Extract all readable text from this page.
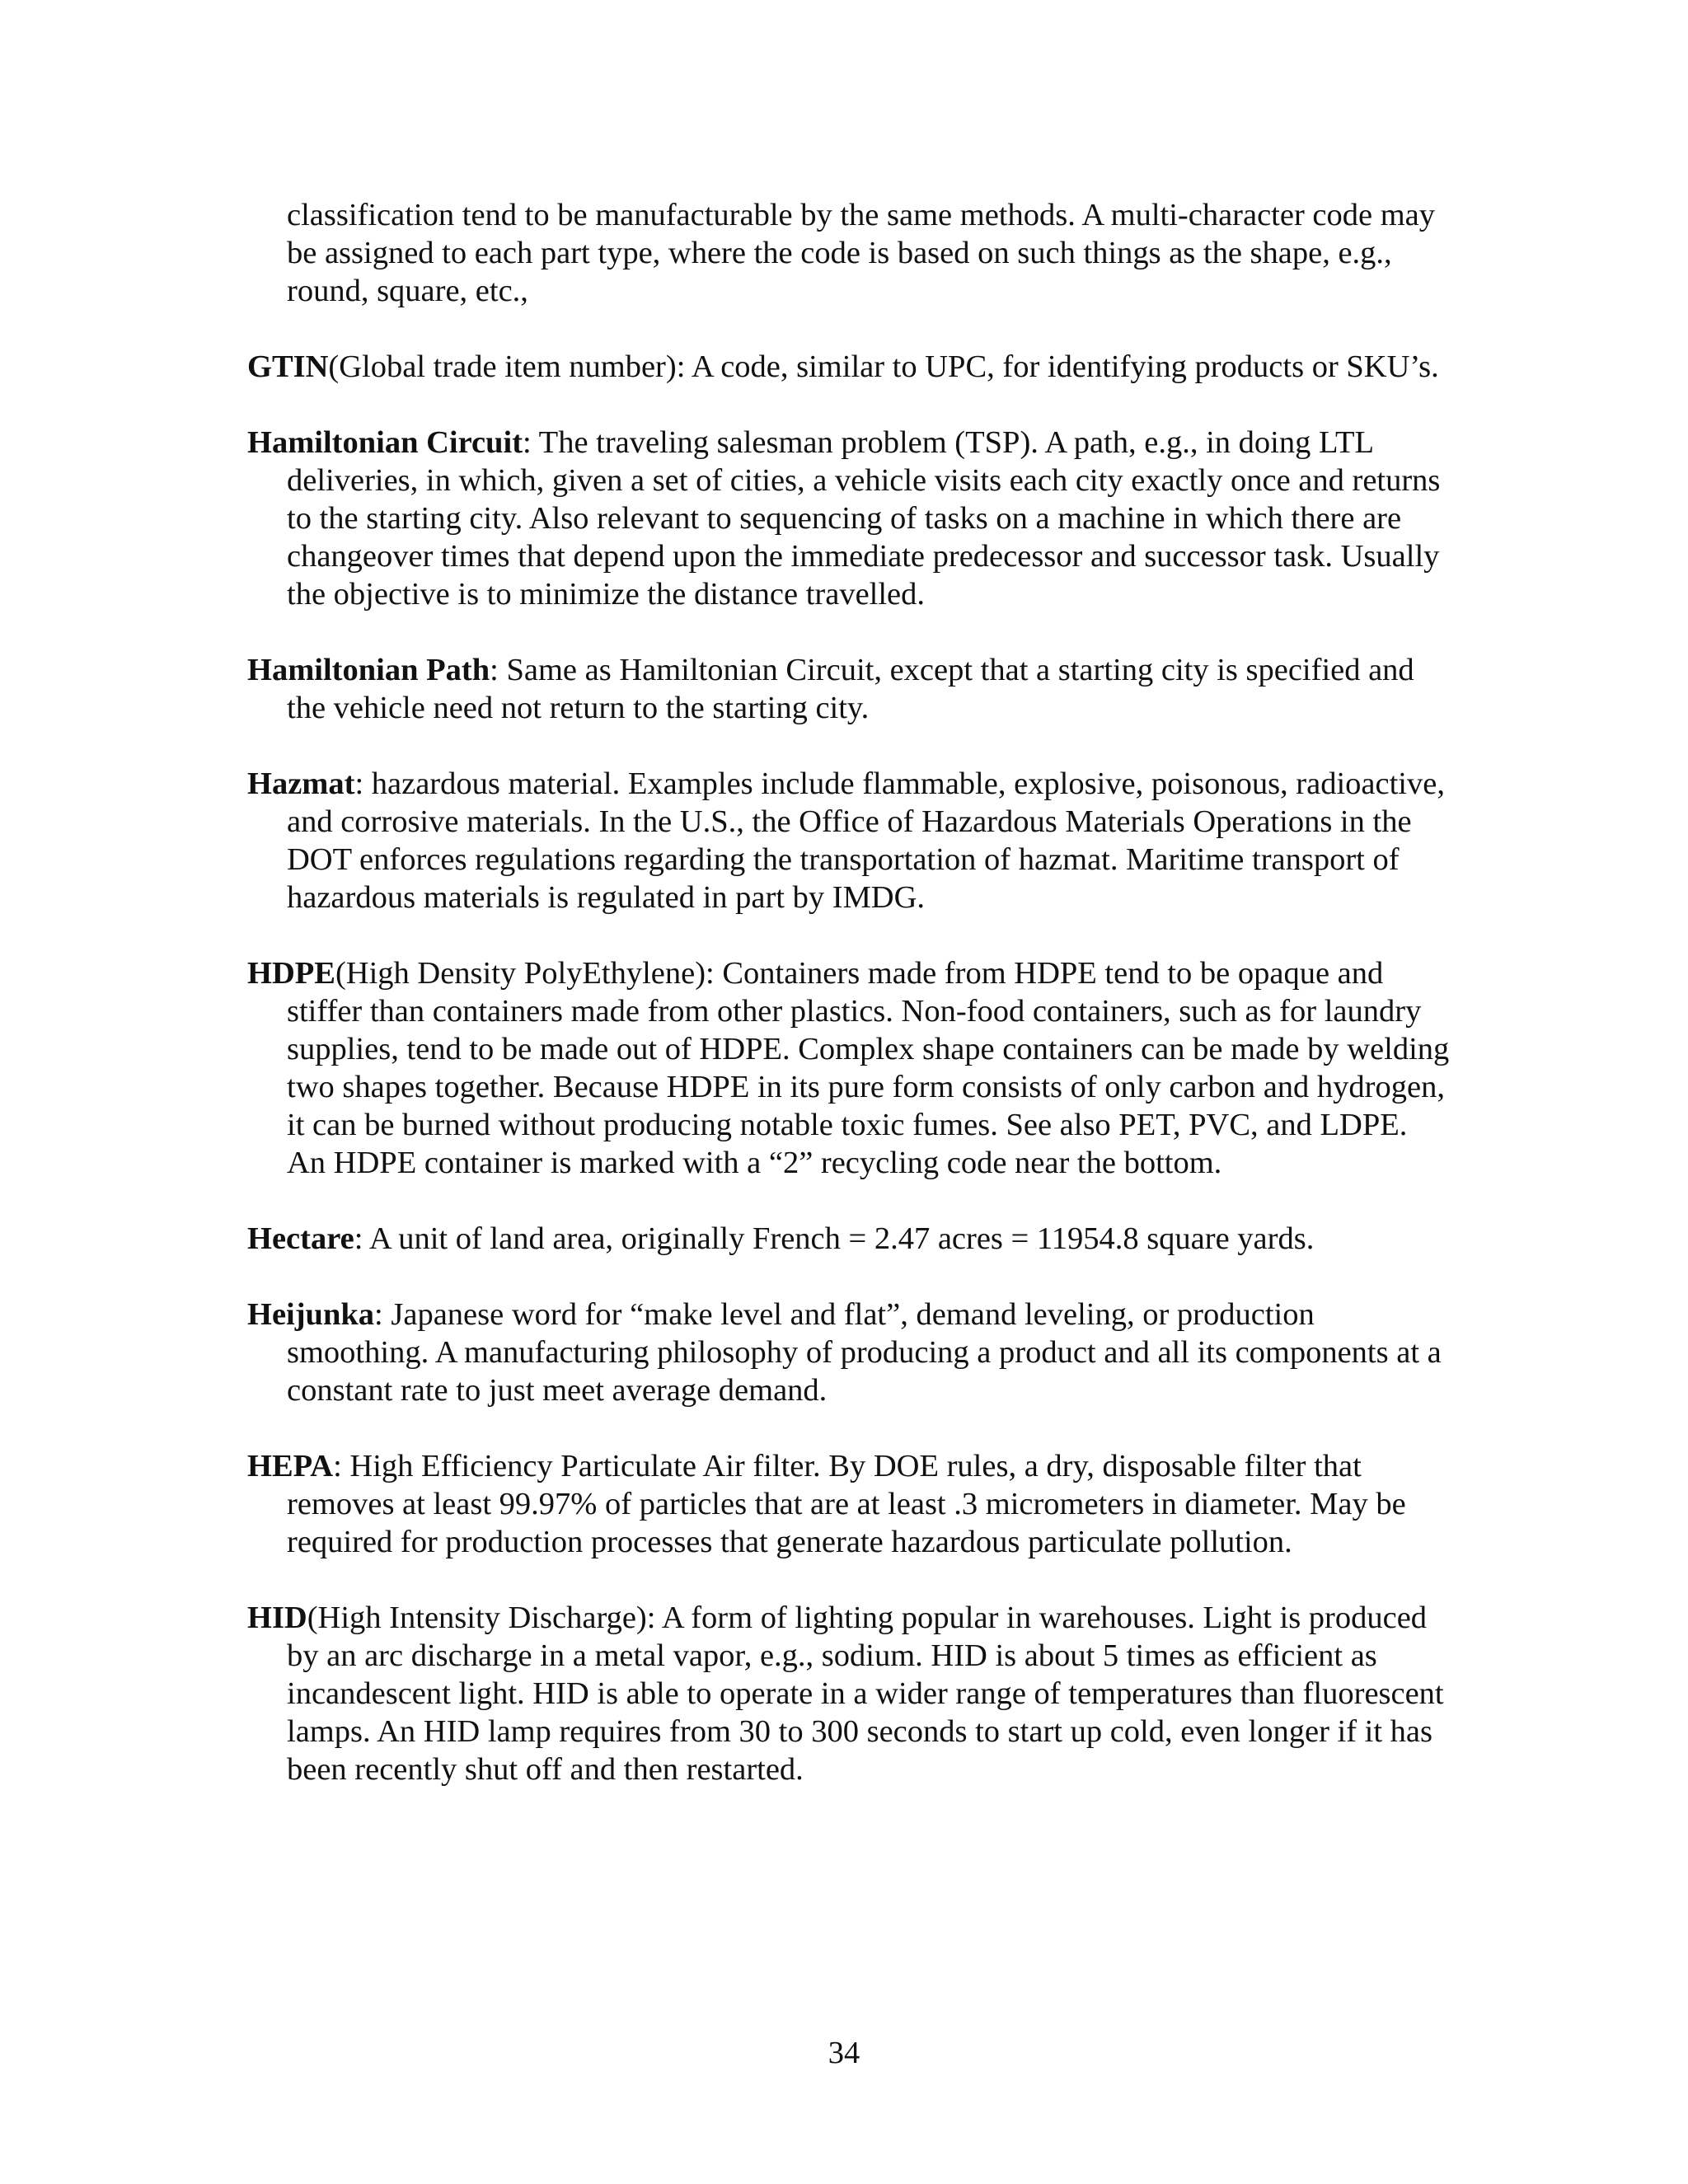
classification tend to be manufacturable by the same methods. A multi-character code may be assigned to each part type, where the code is based on such things as the shape, e.g., round, square, etc.,

GTIN(Global trade item number): A code, similar to UPC, for identifying products or SKU’s.

Hamiltonian Circuit: The traveling salesman problem (TSP). A path, e.g., in doing LTL deliveries, in which, given a set of cities, a vehicle visits each city exactly once and returns to the starting city. Also relevant to sequencing of tasks on a machine in which there are changeover times that depend upon the immediate predecessor and successor task. Usually the objective is to minimize the distance travelled.

Hamiltonian Path: Same as Hamiltonian Circuit, except that a starting city is specified and the vehicle need not return to the starting city.

Hazmat: hazardous material. Examples include flammable, explosive, poisonous, radioactive, and corrosive materials. In the U.S., the Office of Hazardous Materials Operations in the DOT enforces regulations regarding the transportation of hazmat. Maritime transport of hazardous materials is regulated in part by IMDG.

HDPE(High Density PolyEthylene): Containers made from HDPE tend to be opaque and stiffer than containers made from other plastics. Non-food containers, such as for laundry supplies, tend to be made out of HDPE. Complex shape containers can be made by welding two shapes together. Because HDPE in its pure form consists of only carbon and hydrogen, it can be burned without producing notable toxic fumes. See also PET, PVC, and LDPE. An HDPE container is marked with a “2” recycling code near the bottom.

Hectare: A unit of land area, originally French = 2.47 acres = 11954.8 square yards.

Heijunka: Japanese word for “make level and flat”, demand leveling, or production smoothing. A manufacturing philosophy of producing a product and all its components at a constant rate to just meet average demand.

HEPA: High Efficiency Particulate Air filter. By DOE rules, a dry, disposable filter that removes at least 99.97% of particles that are at least .3 micrometers in diameter. May be required for production processes that generate hazardous particulate pollution.

HID(High Intensity Discharge): A form of lighting popular in warehouses. Light is produced by an arc discharge in a metal vapor, e.g., sodium. HID is about 5 times as efficient as incandescent light. HID is able to operate in a wider range of temperatures than fluorescent lamps. An HID lamp requires from 30 to 300 seconds to start up cold, even longer if it has been recently shut off and then restarted.

34
